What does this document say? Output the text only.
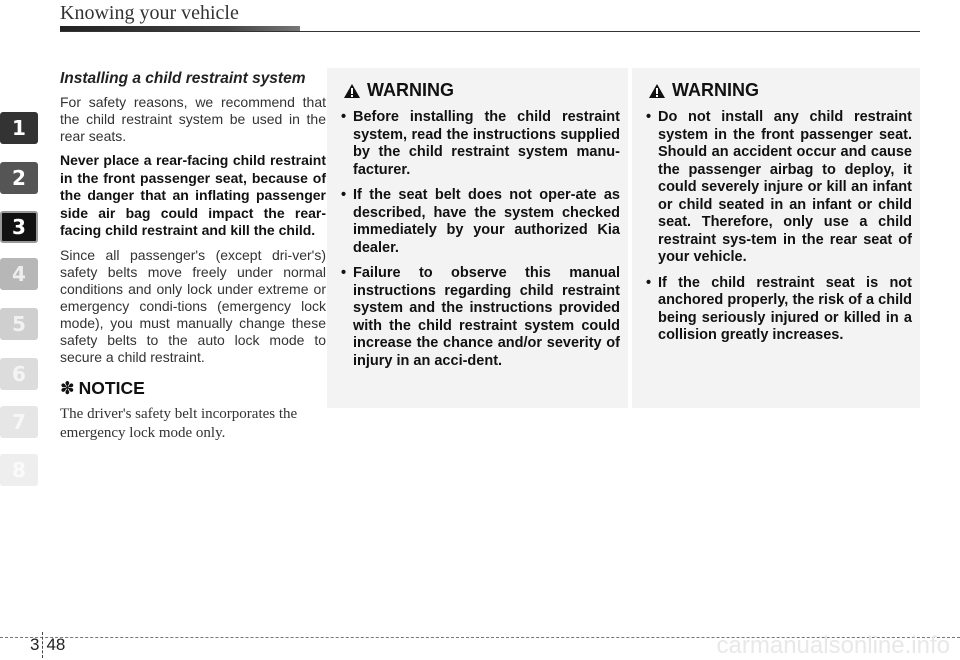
Knowing your vehicle
1
2
3
4
5
6
7
8
Installing a child restraint system
For safety reasons, we recommend that the child restraint system be used in the rear seats.
Never place a rear-facing child restraint in the front passenger seat, because of the danger that an inflating passenger side air bag could impact the rear-facing child restraint and kill the child.
Since all passenger's (except dri-ver's) safety belts move freely under normal conditions and only lock under extreme or emergency condi-tions (emergency lock mode), you must manually change these safety belts to the auto lock mode to secure a child restraint.
✽ NOTICE
The driver's safety belt incorporates the emergency lock mode only.
WARNING
• Before installing the child restraint system, read the instructions supplied by the child restraint system manu-facturer.
• If the seat belt does not oper-ate as described, have the system checked immediately by your authorized Kia dealer.
• Failure to observe this manual instructions regarding child restraint system and the instructions provided with the child restraint system could increase the chance and/or severity of injury in an acci-dent.
WARNING
• Do not install any child restraint system in the front passenger seat. Should an accident occur and cause the passenger airbag to deploy, it could severely injure or kill an infant or child seated in an infant or child seat. Therefore, only use a child restraint sys-tem in the rear seat of your vehicle.
• If the child restraint seat is not anchored properly, the risk of a child being seriously injured or killed in a collision greatly increases.
3 48	carmanualsonline.info
